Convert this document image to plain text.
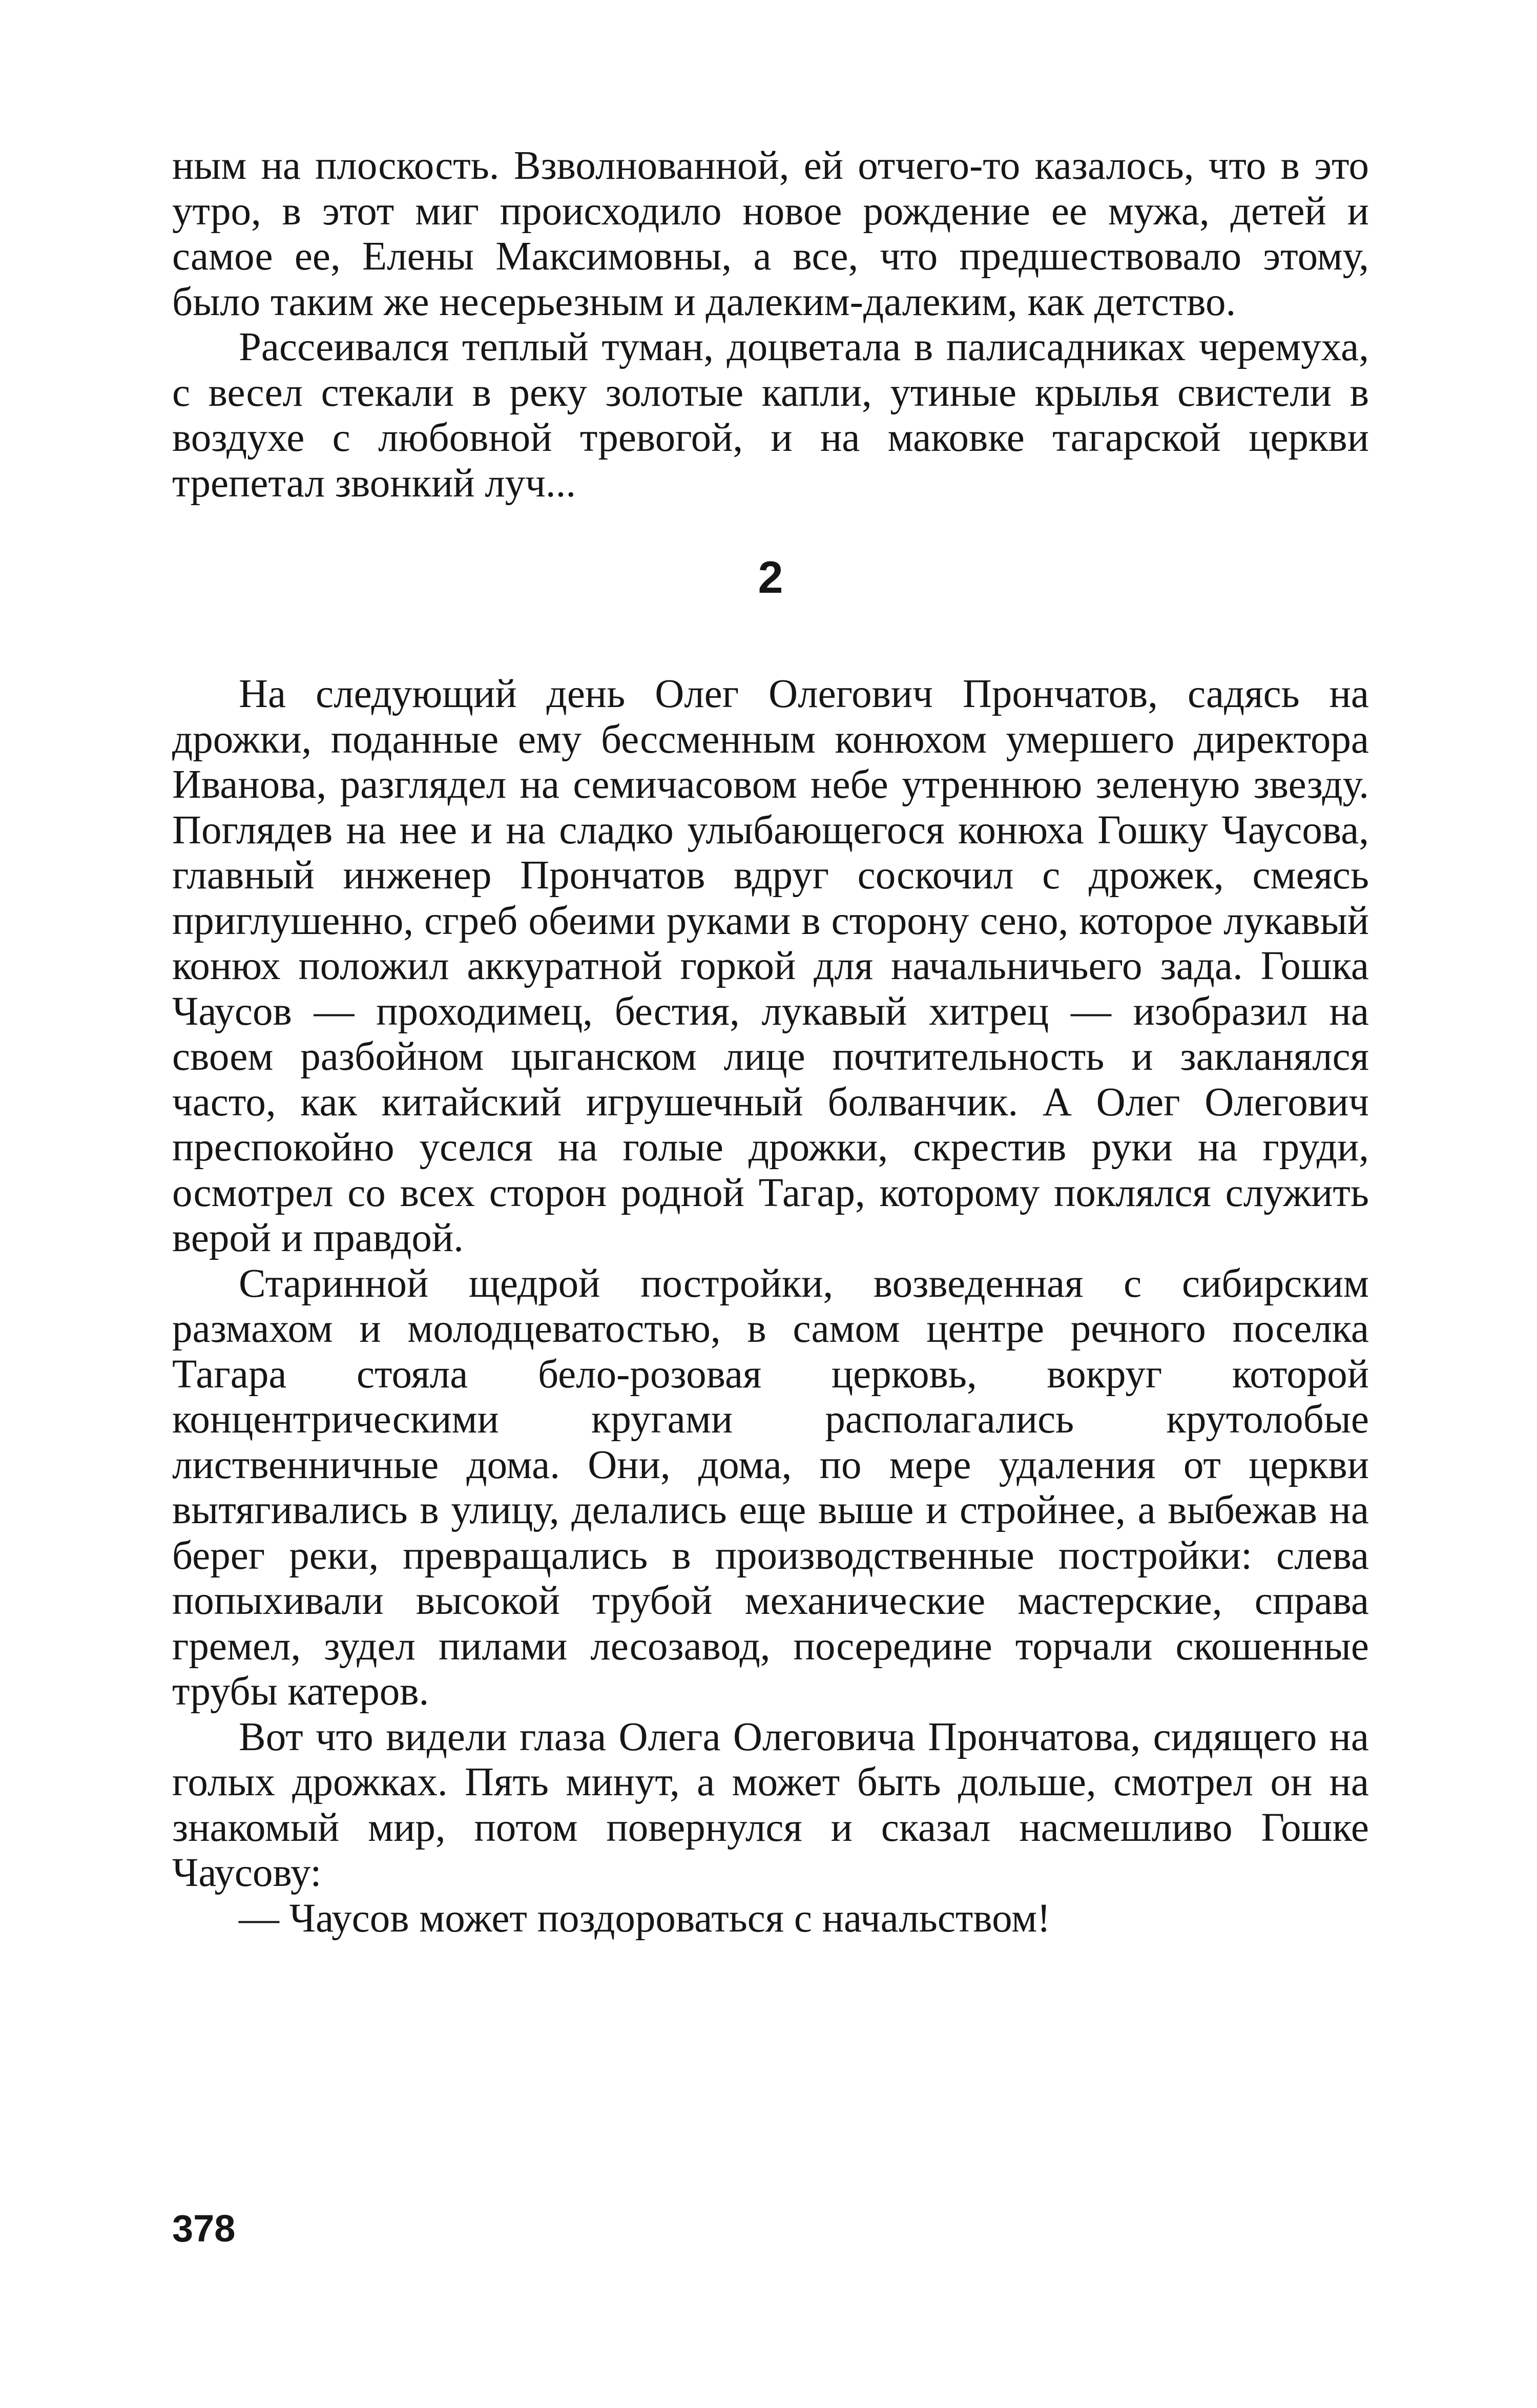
ным на плоскость. Взволнованной, ей отчего-то казалось, что в это утро, в этот миг происходило новое рождение ее мужа, детей и самое ее, Елены Максимовны, а все, что предшествовало этому, было таким же несерьезным и далеким-далеким, как детство.

Рассеивался теплый туман, доцветала в палисадниках черемуха, с весел стекали в реку золотые капли, утиные крылья свистели в воздухе с любовной тревогой, и на маковке тагарской церкви трепетал звонкий луч...

2

На следующий день Олег Олегович Прончатов, садясь на дрожки, поданные ему бессменным конюхом умершего директора Иванова, разглядел на семичасовом небе утреннюю зеленую звезду. Поглядев на нее и на сладко улыбающегося конюха Гошку Чаусова, главный инженер Прончатов вдруг соскочил с дрожек, смеясь приглушенно, сгреб обеими руками в сторону сено, которое лукавый конюх положил аккуратной горкой для начальничьего зада. Гошка Чаусов — проходимец, бестия, лукавый хитрец — изобразил на своем разбойном цыганском лице почтительность и закланялся часто, как китайский игрушечный болванчик. А Олег Олегович преспокойно уселся на голые дрожки, скрестив руки на груди, осмотрел со всех сторон родной Тагар, которому поклялся служить верой и правдой.

Старинной щедрой постройки, возведенная с сибирским размахом и молодцеватостью, в самом центре речного поселка Тагара стояла бело-розовая церковь, вокруг которой концентрическими кругами располагались крутолобые лиственничные дома. Они, дома, по мере удаления от церкви вытягивались в улицу, делались еще выше и стройнее, а выбежав на берег реки, превращались в производственные постройки: слева попыхивали высокой трубой механические мастерские, справа гремел, зудел пилами лесозавод, посередине торчали скошенные трубы катеров.

Вот что видели глаза Олега Олеговича Прончатова, сидящего на голых дрожках. Пять минут, а может быть дольше, смотрел он на знакомый мир, потом повернулся и сказал насмешливо Гошке Чаусову:

— Чаусов может поздороваться с начальством!

378
